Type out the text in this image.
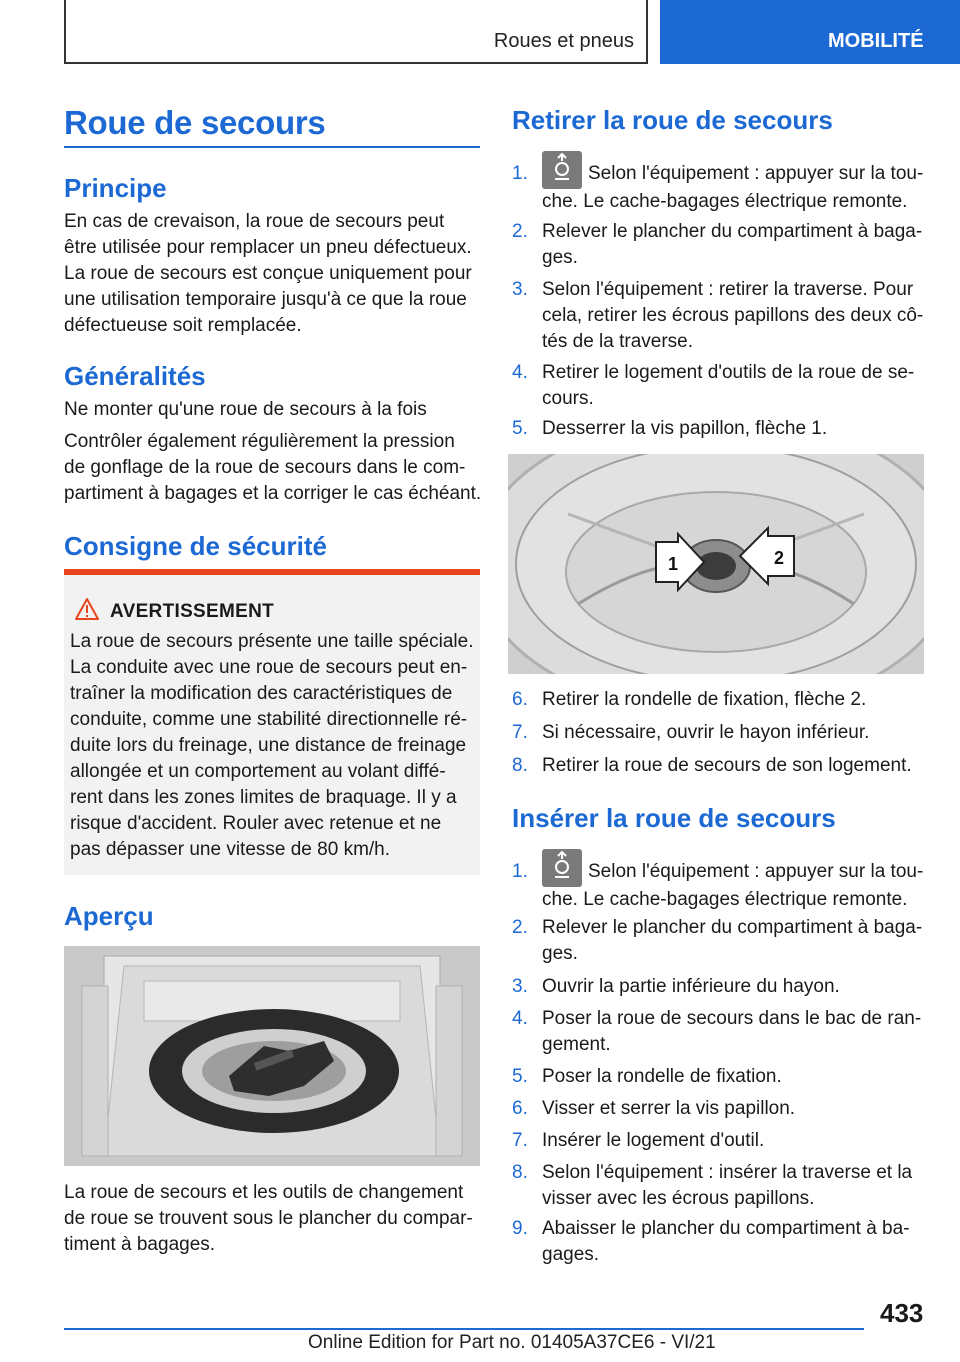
Roues et pneus	MOBILITÉ
Roue de secours
Principe
En cas de crevaison, la roue de secours peut
être utilisée pour remplacer un pneu défectueux.
La roue de secours est conçue uniquement pour
une utilisation temporaire jusqu'à ce que la roue
défectueuse soit remplacée.
Généralités
Ne monter qu'une roue de secours à la fois
Contrôler également régulièrement la pression
de gonflage de la roue de secours dans le com-
partiment à bagages et la corriger le cas échéant.
Consigne de sécurité
AVERTISSEMENT
La roue de secours présente une taille spéciale.
La conduite avec une roue de secours peut en-
traîner la modification des caractéristiques de
conduite, comme une stabilité directionnelle ré-
duite lors du freinage, une distance de freinage
allongée et un comportement au volant diffé-
rent dans les zones limites de braquage. Il y a
risque d'accident. Rouler avec retenue et ne
pas dépasser une vitesse de 80 km/h.
Aperçu
La roue de secours et les outils de changement
de roue se trouvent sous le plancher du compar-
timent à bagages.
Retirer la roue de secours
1.	Selon l'équipement : appuyer sur la tou-
che. Le cache-bagages électrique remonte.
2. Relever le plancher du compartiment à baga-
ges.
3. Selon l'équipement : retirer la traverse. Pour
cela, retirer les écrous papillons des deux cô-
tés de la traverse.
4. Retirer le logement d'outils de la roue de se-
cours.
5. Desserrer la vis papillon, flèche 1.
1	2
6. Retirer la rondelle de fixation, flèche 2.
7. Si nécessaire, ouvrir le hayon inférieur.
8. Retirer la roue de secours de son logement.
Insérer la roue de secours
1.	Selon l'équipement : appuyer sur la tou-
che. Le cache-bagages électrique remonte.
2. Relever le plancher du compartiment à baga-
ges.
3. Ouvrir la partie inférieure du hayon.
4. Poser la roue de secours dans le bac de ran-
gement.
5. Poser la rondelle de fixation.
6. Visser et serrer la vis papillon.
7. Insérer le logement d'outil.
8. Selon l'équipement : insérer la traverse et la
visser avec les écrous papillons.
9. Abaisser le plancher du compartiment à ba-
gages.
433
Online Edition for Part no. 01405A37CE6 - VI/21
